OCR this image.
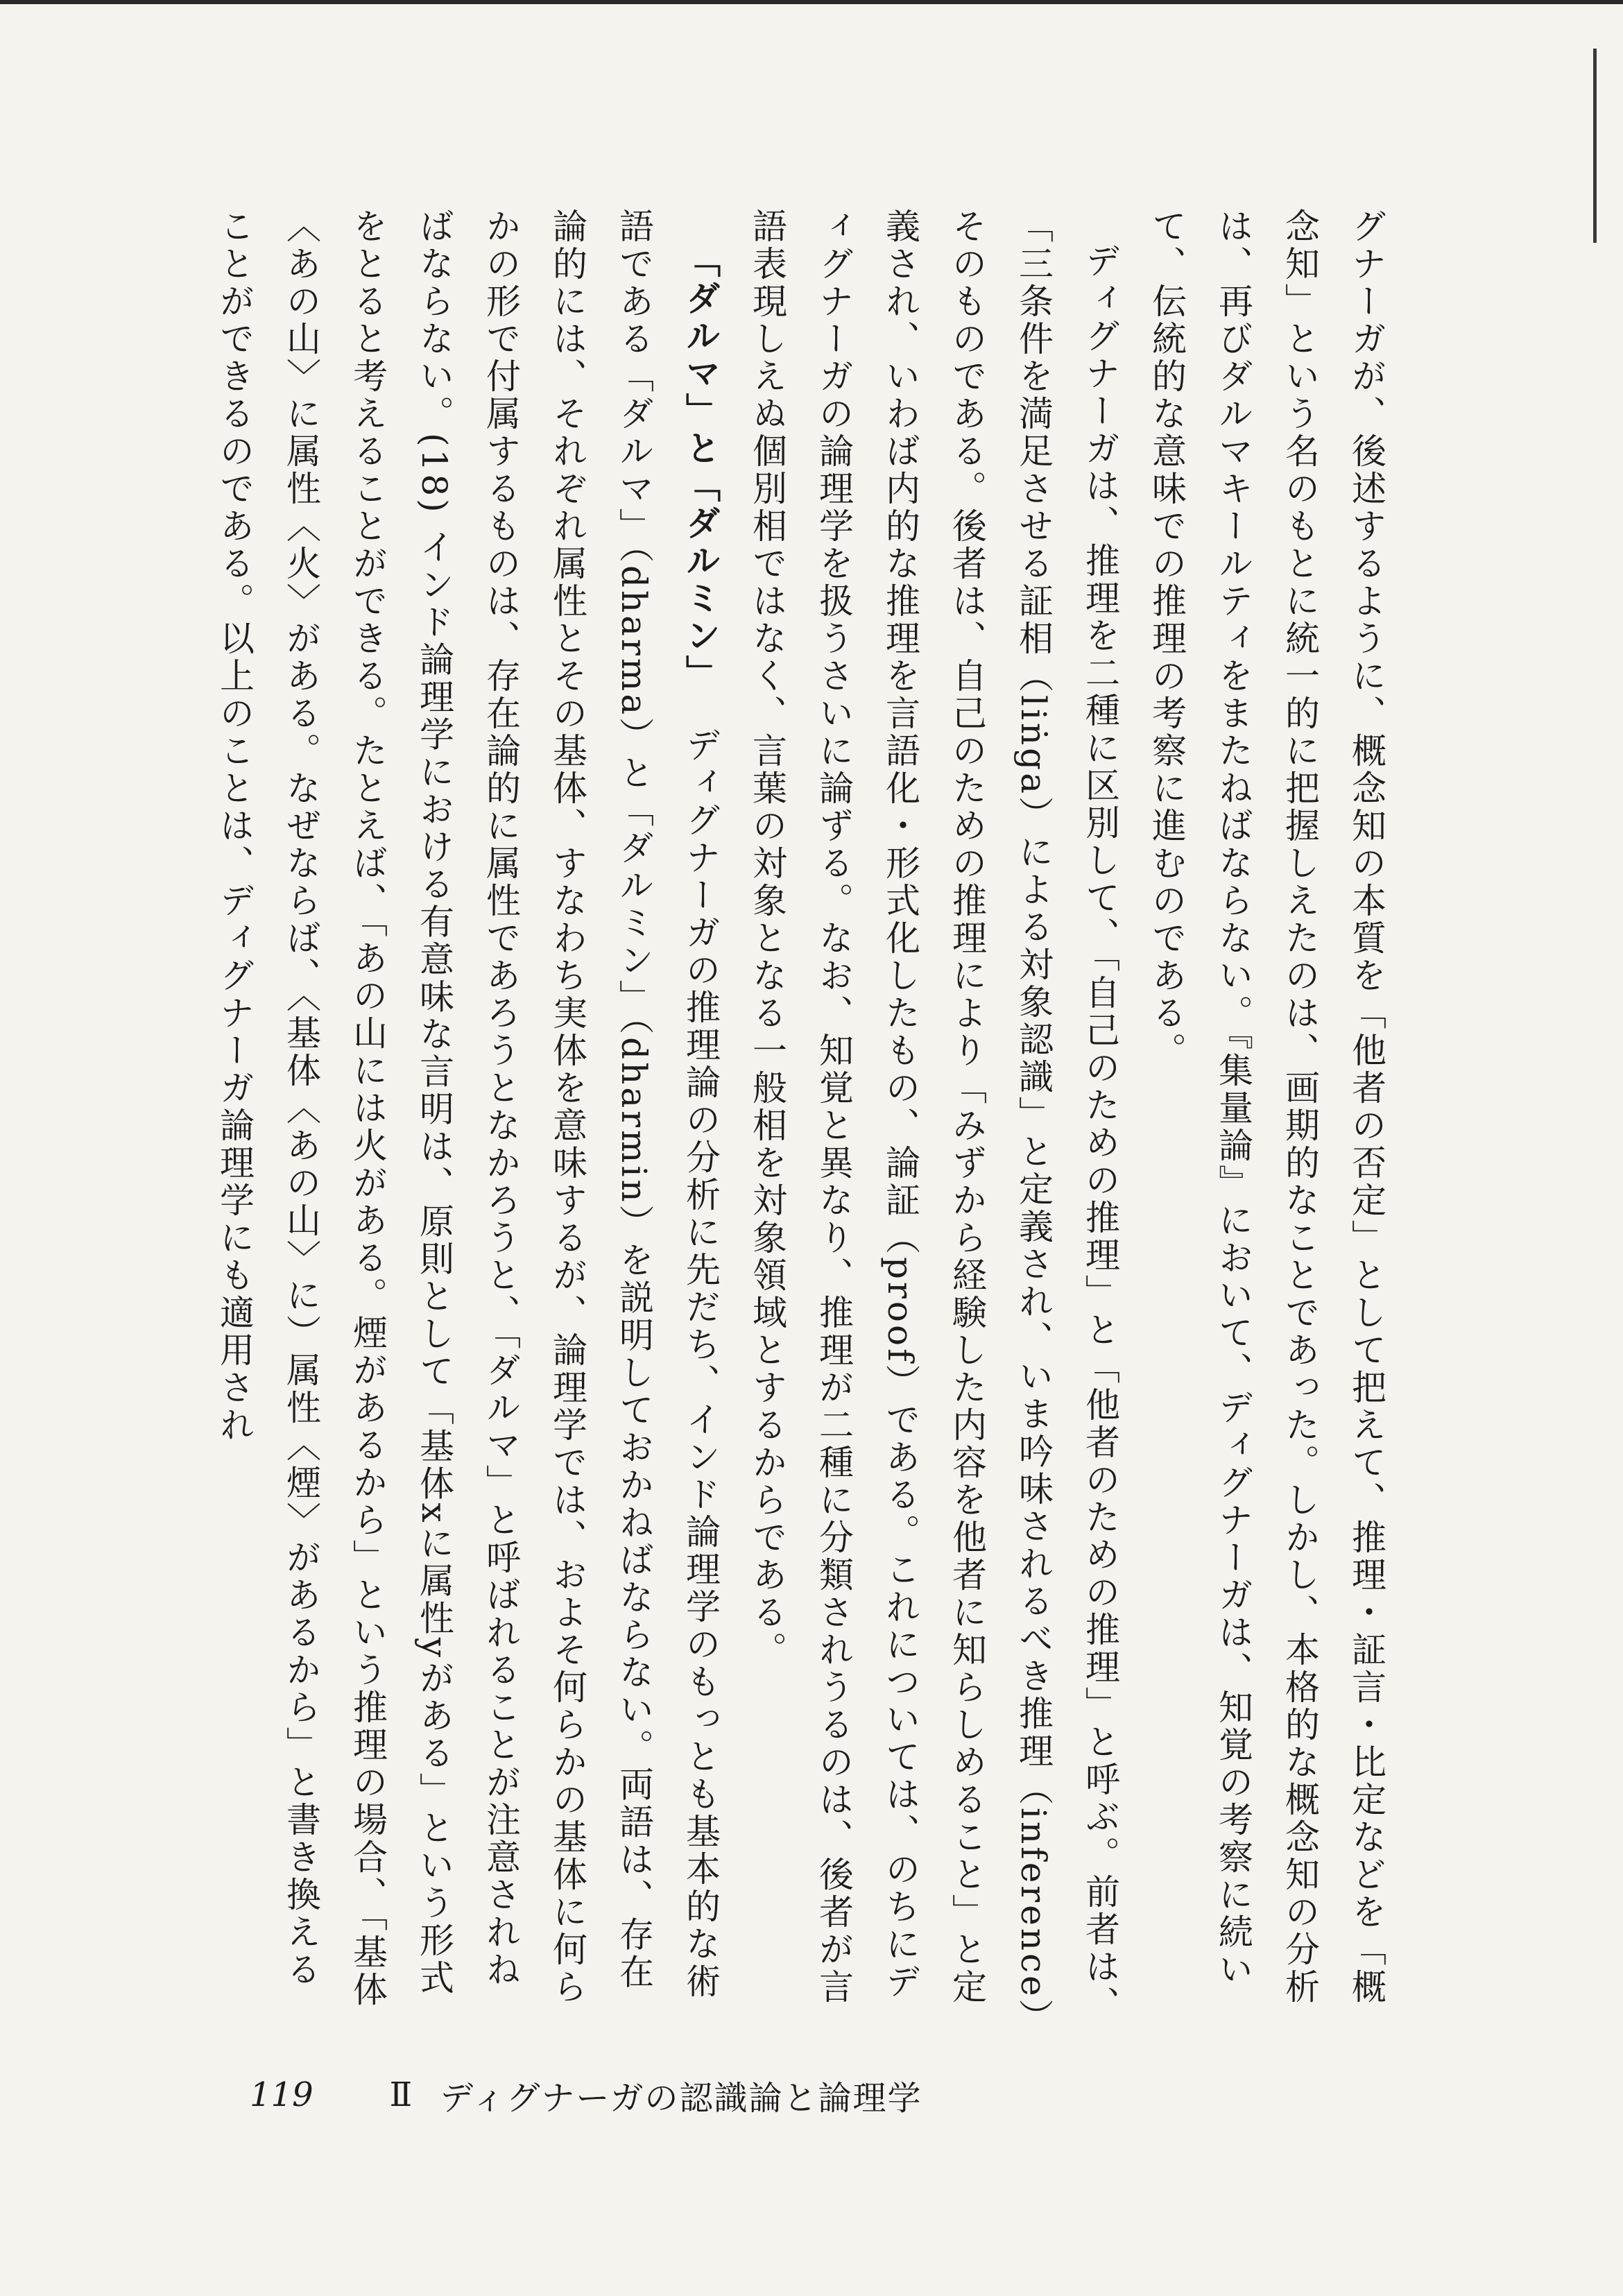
グナーガが、後述するように、概念知の本質を「他者の否定」として把えて、推理・証言・比定などを「概念知」という名のもとに統一的に把握しえたのは、画期的なことであった。しかし、本格的な概念知の分析は、再びダルマキールティをまたねばならない。『集量論』において、ディグナーガは、知覚の考察に続いて、伝統的な意味での推理の考察に進むのである。

ディグナーガは、推理を二種に区別して、「自己のための推理」と「他者のための推理」と呼ぶ。前者は、「三条件を満足させる証相（liṅga）による対象認識」と定義され、いま吟味されるべき推理（inference）そのものである。後者は、自己のための推理により「みずから経験した内容を他者に知らしめること」と定義され、いわば内的な推理を言語化・形式化したもの、論証（proof）である。これについては、のちにディグナーガの論理学を扱うさいに論ずる。なお、知覚と異なり、推理が二種に分類されうるのは、後者が言語表現しえぬ個別相ではなく、言葉の対象となる一般相を対象領域とするからである。

「ダルマ」と「ダルミン」　ディグナーガの推理論の分析に先だち、インド論理学のもっとも基本的な術語である「ダルマ」（dharma）と「ダルミン」（dharmin）を説明しておかねばならない。両語は、存在論的には、それぞれ属性とその基体、すなわち実体を意味するが、論理学では、およそ何らかの基体に何らかの形で付属するものは、存在論的に属性であろうとなかろうと、「ダルマ」と呼ばれることが注意されねばならない。(18) インド論理学における有意味な言明は、原則として「基体xに属性yがある」という形式をとると考えることができる。たとえば、「あの山には火がある。煙があるから」という推理の場合、「基体〈あの山〉に属性〈火〉がある。なぜならば、〈基体〈あの山〉に）属性〈煙〉があるから」と書き換えることができるのである。以上のことは、ディグナーガ論理学にも適用され

119 Ⅱ ディグナーガの認識論と論理学
